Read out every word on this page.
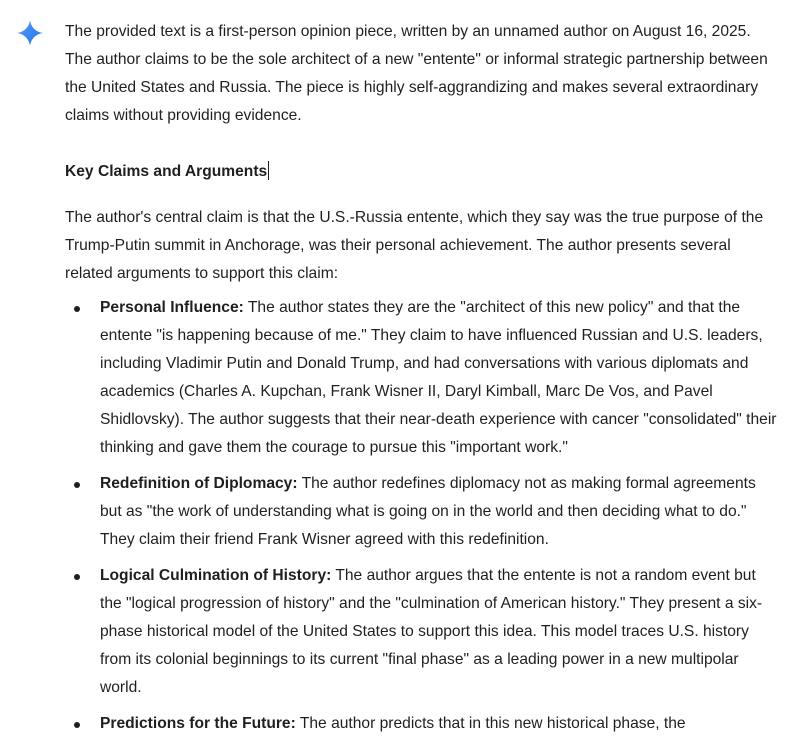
The provided text is a first-person opinion piece, written by an unnamed author on August 16, 2025. The author claims to be the sole architect of a new "entente" or informal strategic partnership between the United States and Russia. The piece is highly self-aggrandizing and makes several extraordinary claims without providing evidence.

Key Claims and Arguments

The author's central claim is that the U.S.-Russia entente, which they say was the true purpose of the Trump-Putin summit in Anchorage, was their personal achievement. The author presents several related arguments to support this claim:

Personal Influence: The author states they are the "architect of this new policy" and that the entente "is happening because of me." They claim to have influenced Russian and U.S. leaders, including Vladimir Putin and Donald Trump, and had conversations with various diplomats and academics (Charles A. Kupchan, Frank Wisner II, Daryl Kimball, Marc De Vos, and Pavel Shidlovsky). The author suggests that their near-death experience with cancer "consolidated" their thinking and gave them the courage to pursue this "important work."
Redefinition of Diplomacy: The author redefines diplomacy not as making formal agreements but as "the work of understanding what is going on in the world and then deciding what to do." They claim their friend Frank Wisner agreed with this redefinition.
Logical Culmination of History: The author argues that the entente is not a random event but the "logical progression of history" and the "culmination of American history." They present a six-phase historical model of the United States to support this idea. This model traces U.S. history from its colonial beginnings to its current "final phase" as a leading power in a new multipolar world.
Predictions for the Future: The author predicts that in this new historical phase, the
